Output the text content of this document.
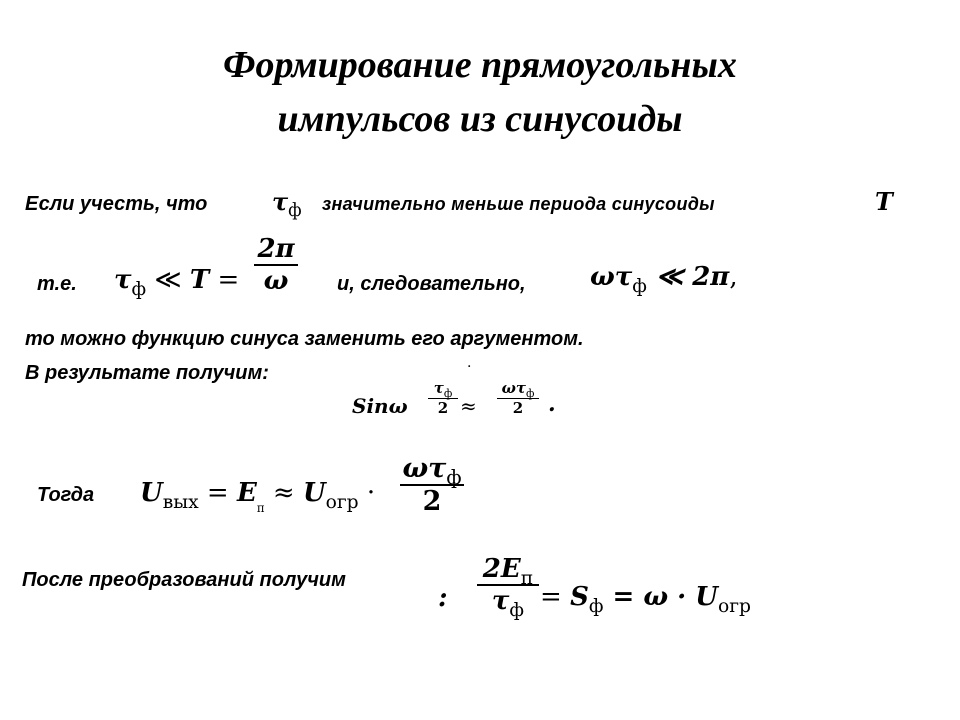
Формирование прямоугольных
импульсов из синусоиды
Если учесть, что	$\tau_ф$ значительно меньше периода синусоиды	T
т.е. $\tau_ф$ ≪ T =
2π
ω	и, следовательно, $\omega\tau_ф$ ≪ 2π,
то можно функцию синуса заменить его аргументом.
В результате получим:	·
Sinω
$\tau_ф$
2 ≈
$\omega\tau_ф$
2	.
Тогда $U_{вых} = E_п \approx U_{огр}$ ·
$\omega\tau_ф$
2
После преобразований получим
:
$2E_п$
$\tau_ф = S_ф = \omega \cdot U_{огр}$
